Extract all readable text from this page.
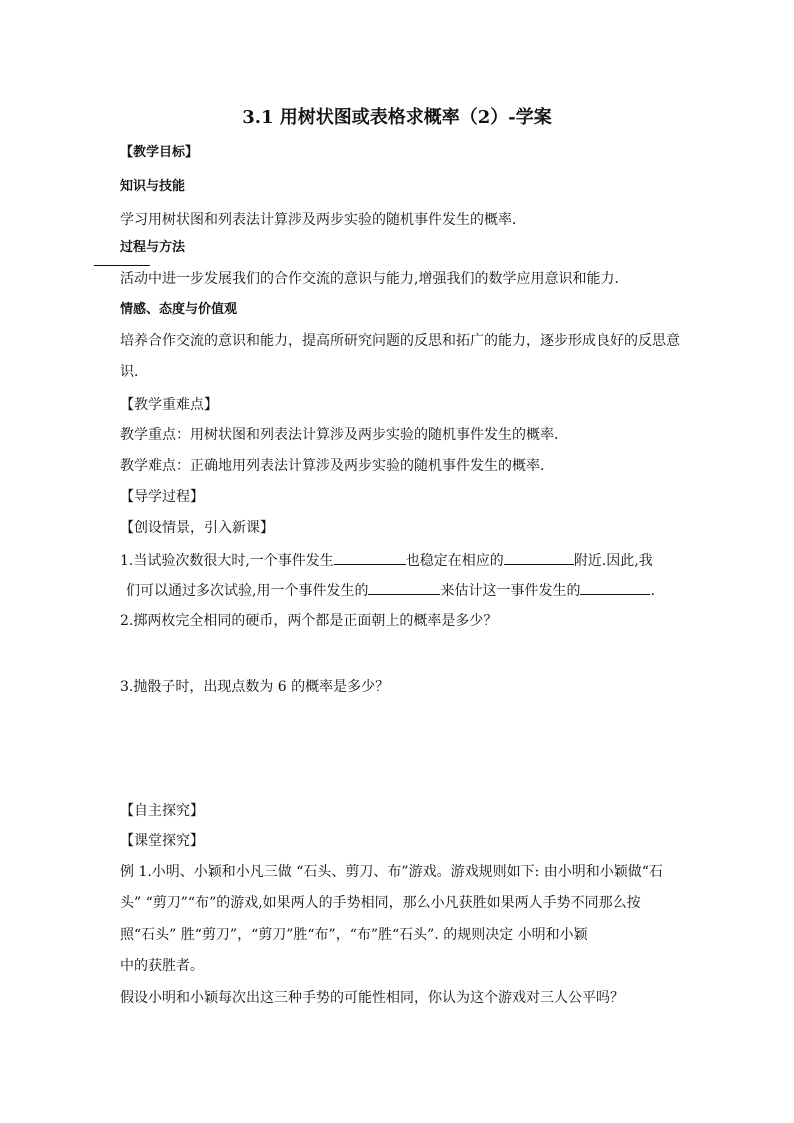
3.1 用树状图或表格求概率（2）-学案
【教学目标】
知识与技能
学习用树状图和列表法计算涉及两步实验的随机事件发生的概率．
过程与方法
活动中进一步发展我们的合作交流的意识与能力,增强我们的数学应用意识和能力.
情感、态度与价值观
培养合作交流的意识和能力，提高所研究问题的反思和拓广的能力，逐步形成良好的反思意
识．
【教学重难点】
教学重点：用树状图和列表法计算涉及两步实验的随机事件发生的概率．
教学难点：正确地用列表法计算涉及两步实验的随机事件发生的概率．
【导学过程】
【创设情景，引入新课】
1.当试验次数很大时,一个事件发生	也稳定在相应的	附近.因此,我
们可以通过多次试验,用一个事件发生的	来估计这一事件发生的	.
2.掷两枚完全相同的硬币，两个都是正面朝上的概率是多少？
3.抛骰子时，出现点数为 6 的概率是多少？
【自主探究】
【课堂探究】
例 1.小明、小颖和小凡三做 “石头、剪刀、布”游戏。游戏规则如下: 由小明和小颖做“石
头” “剪刀”“布”的游戏,如果两人的手势相同，那么小凡获胜如果两人手势不同那么按
照“石头” 胜“剪刀”，“剪刀”胜“布”，“布”胜“石头”. 的规则决定 小明和小颖
中的获胜者。
假设小明和小颖每次出这三种手势的可能性相同，你认为这个游戏对三人公平吗？
